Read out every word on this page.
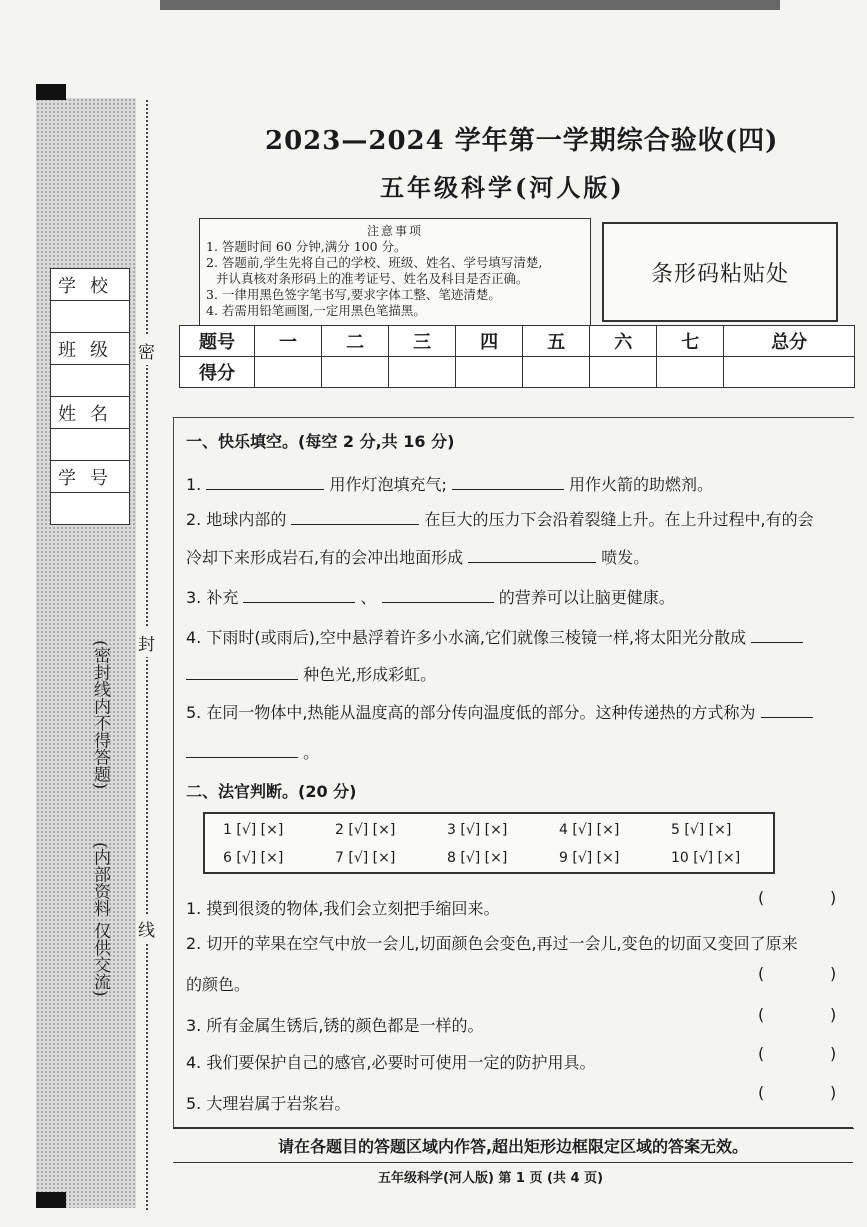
密
封
线
学校
班级
姓名
学号
(密封线内不得答题)
(内部资料 仅供交流)
2023—2024 学年第一学期综合验收(四)
五年级科学(河人版)
注意事项
1. 答题时间 60 分钟,满分 100 分。
2. 答题前,学生先将自己的学校、班级、姓名、学号填写清楚,
并认真核对条形码上的准考证号、姓名及科目是否正确。
3. 一律用黑色签字笔书写,要求字体工整、笔迹清楚。
4. 若需用铅笔画图,一定用黑色笔描黑。
条形码粘贴处
题号	一	二	三	四	五	六	七	总分
得分								
一、快乐填空。(每空 2 分,共 16 分)
1.	用作灯泡填充气;	用作火箭的助燃剂。
2. 地球内部的	在巨大的压力下会沿着裂缝上升。在上升过程中,有的会
冷却下来形成岩石,有的会冲出地面形成	喷发。
3. 补充	、	的营养可以让脑更健康。
4. 下雨时(或雨后),空中悬浮着许多小水滴,它们就像三棱镜一样,将太阳光分散成
种色光,形成彩虹。
5. 在同一物体中,热能从温度高的部分传向温度低的部分。这种传递热的方式称为
。
二、法官判断。(20 分)
1 [√] [×]	2 [√] [×]	3 [√] [×]	4 [√] [×]	5 [√] [×]
6 [√] [×]	7 [√] [×]	8 [√] [×]	9 [√] [×]	10 [√] [×]
1. 摸到很烫的物体,我们会立刻把手缩回来。
(	)
2. 切开的苹果在空气中放一会儿,切面颜色会变色,再过一会儿,变色的切面又变回了原来
的颜色。
(	)
3. 所有金属生锈后,锈的颜色都是一样的。
(	)
4. 我们要保护自己的感官,必要时可使用一定的防护用具。	(	)
5. 大理岩属于岩浆岩。
(	)
请在各题目的答题区域内作答,超出矩形边框限定区域的答案无效。
五年级科学(河人版) 第 1 页 (共 4 页)
